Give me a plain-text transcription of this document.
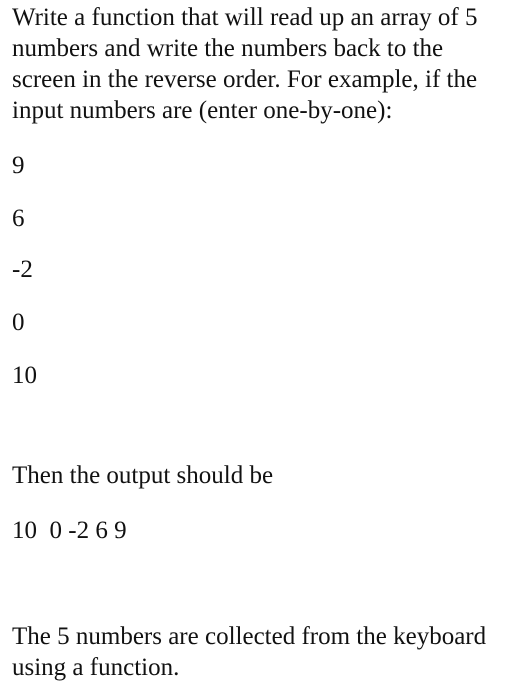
Write a function that will read up an array of 5 numbers and write the numbers back to the screen in the reverse order. For example, if the input numbers are (enter one-by-one):

9

6

-2

0

10

Then the output should be

10  0 -2 6 9

The 5 numbers are collected from the keyboard using a function.
